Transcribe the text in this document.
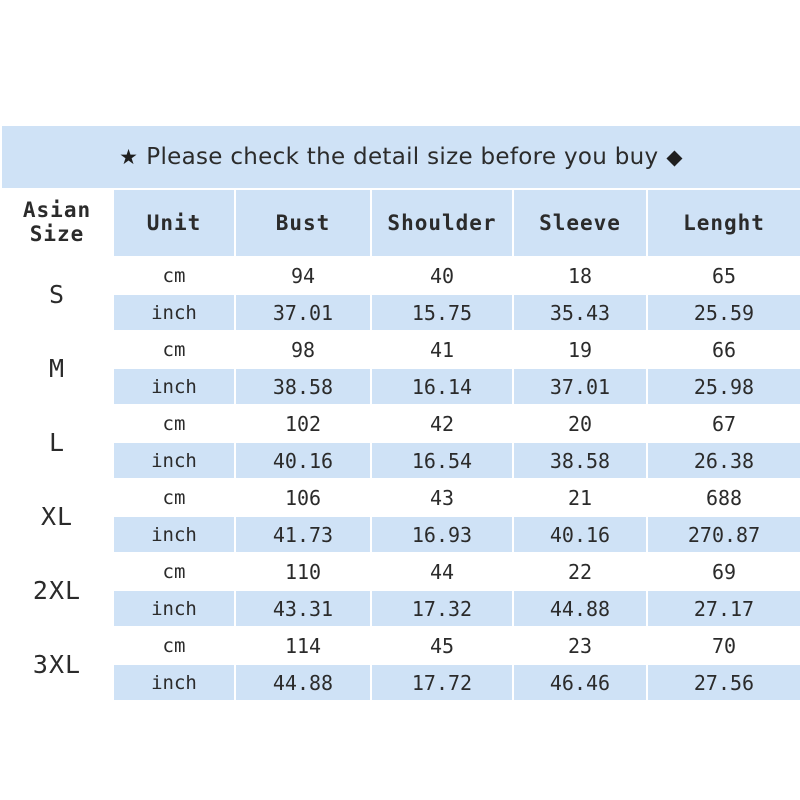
★ Please check the detail size before you buy ◆					

Asian
Size	Unit	Bust	Shoulder	Sleeve	Lenght
S	cm	94	40	18	65
	inch	37.01	15.75	35.43	25.59
M	cm	98	41	19	66
	inch	38.58	16.14	37.01	25.98
L	cm	102	42	20	67
	inch	40.16	16.54	38.58	26.38
XL	cm	106	43	21	688
	inch	41.73	16.93	40.16	270.87
2XL	cm	110	44	22	69
	inch	43.31	17.32	44.88	27.17
3XL	cm	114	45	23	70
	inch	44.88	17.72	46.46	27.56
